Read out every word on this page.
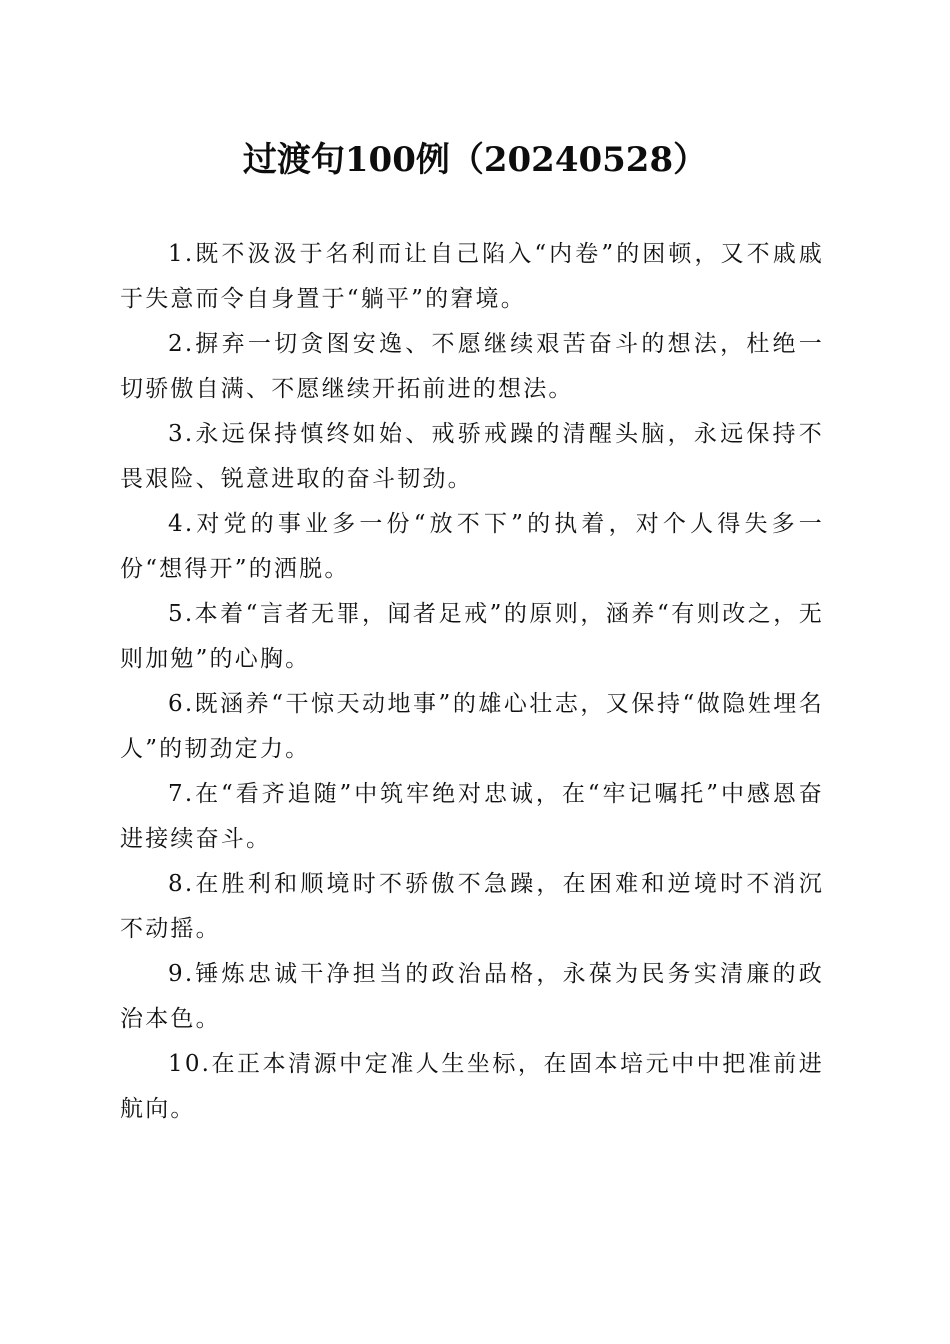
过渡句100例（20240528）

1.既不汲汲于名利而让自己陷入“内卷”的困顿，又不戚戚于失意而令自身置于“躺平”的窘境。

2.摒弃一切贪图安逸、不愿继续艰苦奋斗的想法，杜绝一切骄傲自满、不愿继续开拓前进的想法。

3.永远保持慎终如始、戒骄戒躁的清醒头脑，永远保持不畏艰险、锐意进取的奋斗韧劲。

4.对党的事业多一份“放不下”的执着，对个人得失多一份“想得开”的洒脱。

5.本着“言者无罪，闻者足戒”的原则，涵养“有则改之，无则加勉”的心胸。

6.既涵养“干惊天动地事”的雄心壮志，又保持“做隐姓埋名人”的韧劲定力。

7.在“看齐追随”中筑牢绝对忠诚，在“牢记嘱托”中感恩奋进接续奋斗。

8.在胜利和顺境时不骄傲不急躁，在困难和逆境时不消沉不动摇。

9.锤炼忠诚干净担当的政治品格，永葆为民务实清廉的政治本色。

10.在正本清源中定准人生坐标，在固本培元中中把准前进航向。
